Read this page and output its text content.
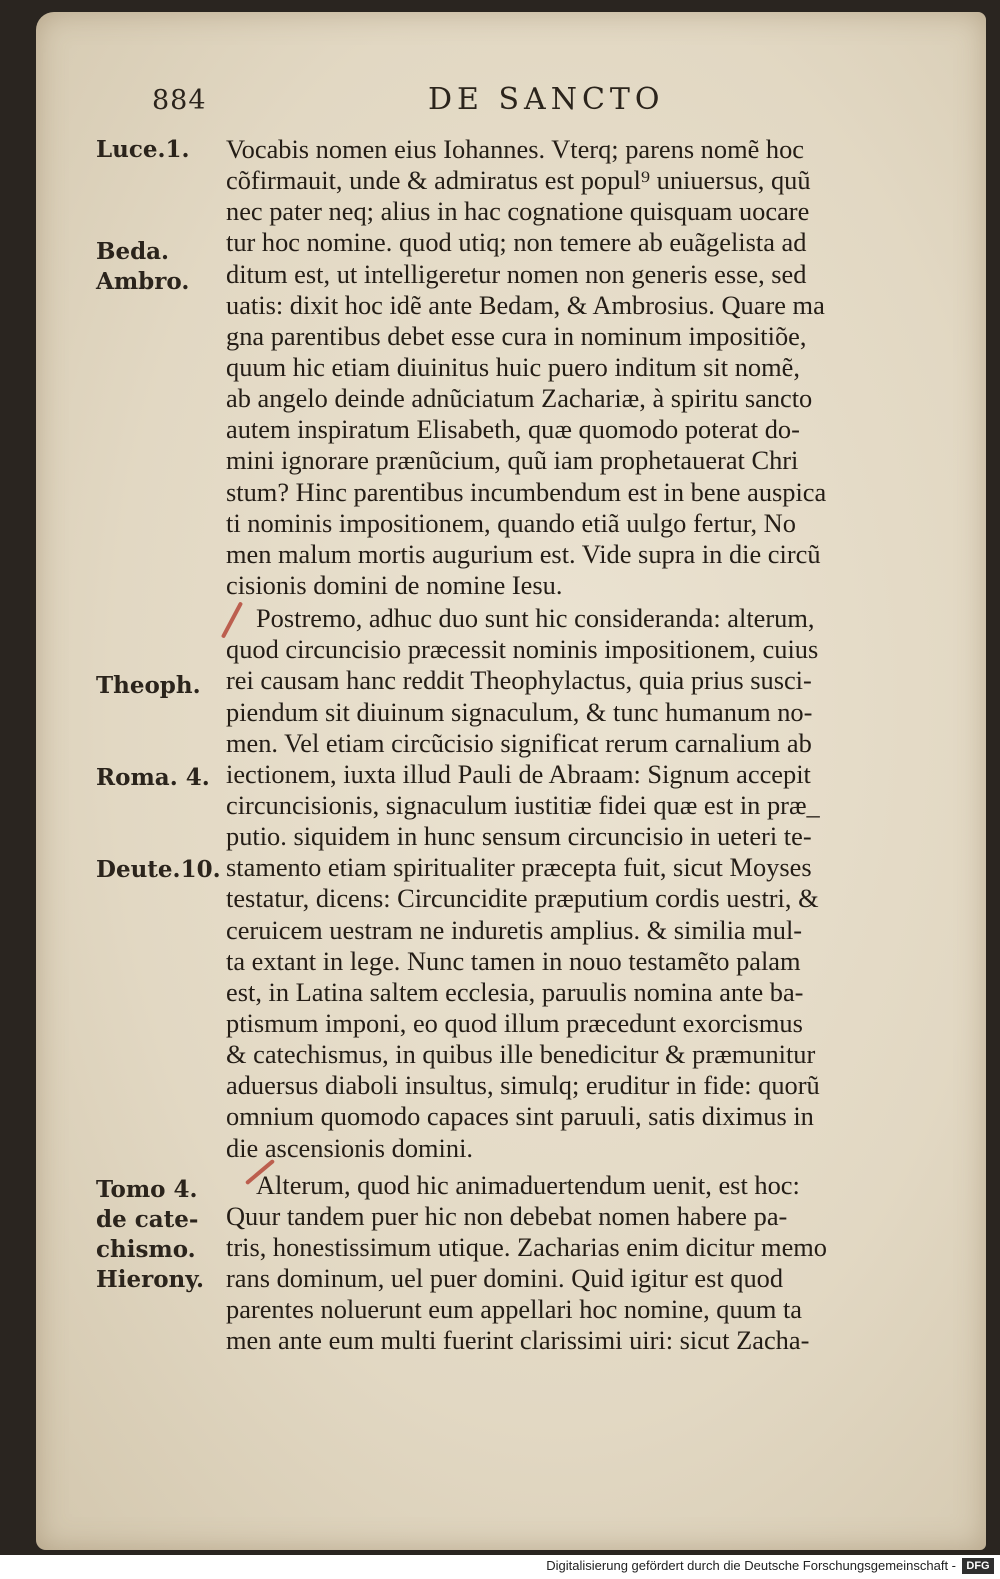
884	DE SANCTO
Luce.1.
Beda.
Ambro.
Theoph.
Roma. 4.
Deute.10.
Tomo 4.
de cate-
chismo.
Hierony.
Vocabis nomen eius Iohannes. Vterq; parens nomẽ hoc
cõfirmauit, unde & admiratus est popul⁹ uniuersus, quũ
nec pater neq; alius in hac cognatione quisquam uocare
tur hoc nomine. quod utiq; non temere ab euãgelista ad
ditum est, ut intelligeretur nomen non generis esse, sed
uatis: dixit hoc idẽ ante Bedam, & Ambrosius. Quare ma
gna parentibus debet esse cura in nominum impositiõe,
quum hic etiam diuinitus huic puero inditum sit nomẽ,
ab angelo deinde adnũciatum Zachariæ, à spiritu sancto
autem inspiratum Elisabeth, quæ quomodo poterat do-
mini ignorare prænũcium, quũ iam prophetauerat Chri
stum? Hinc parentibus incumbendum est in bene auspica
ti nominis impositionem, quando etiã uulgo fertur, No
men malum mortis augurium est. Vide supra in die circũ
cisionis domini de nomine Iesu.
Postremo, adhuc duo sunt hic consideranda: alterum,
quod circuncisio præcessit nominis impositionem, cuius
rei causam hanc reddit Theophylactus, quia prius susci-
piendum sit diuinum signaculum, & tunc humanum no-
men. Vel etiam circũcisio significat rerum carnalium ab
iectionem, iuxta illud Pauli de Abraam: Signum accepit
circuncisionis, signaculum iustitiæ fidei quæ est in præ_
putio. siquidem in hunc sensum circuncisio in ueteri te-
stamento etiam spiritualiter præcepta fuit, sicut Moyses
testatur, dicens: Circuncidite præputium cordis uestri, &
ceruicem uestram ne induretis amplius. & similia mul-
ta extant in lege. Nunc tamen in nouo testamẽto palam
est, in Latina saltem ecclesia, paruulis nomina ante ba-
ptismum imponi, eo quod illum præcedunt exorcismus
& catechismus, in quibus ille benedicitur & præmunitur
aduersus diaboli insultus, simulq; eruditur in fide: quorũ
omnium quomodo capaces sint paruuli, satis diximus in
die ascensionis domini.
Alterum, quod hic animaduertendum uenit, est hoc:
Quur tandem puer hic non debebat nomen habere pa-
tris, honestissimum utique. Zacharias enim dicitur memo
rans dominum, uel puer domini. Quid igitur est quod
parentes noluerunt eum appellari hoc nomine, quum ta
men ante eum multi fuerint clarissimi uiri: sicut Zacha-
Digitalisierung gefördert durch die Deutsche Forschungsgemeinschaft - DFG
